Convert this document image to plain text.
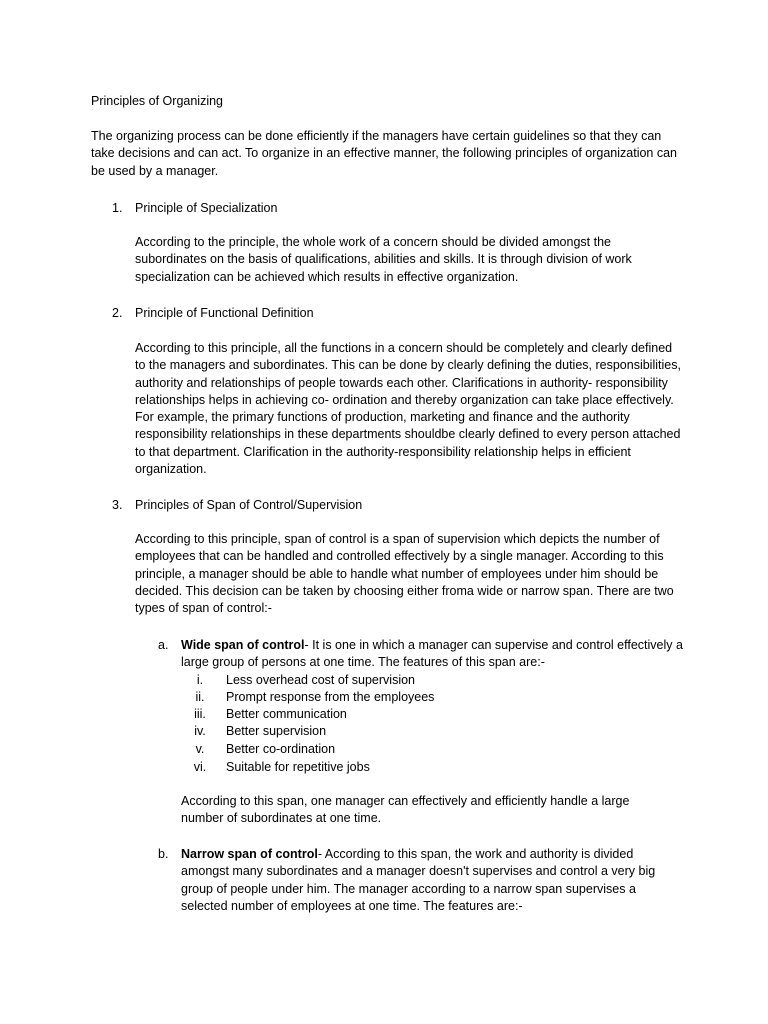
Principles of Organizing

The organizing process can be done efficiently if the managers have certain guidelines so that they can take decisions and can act. To organize in an effective manner, the following principles of organization can be used by a manager.

1.	Principle of Specialization

According to the principle, the whole work of a concern should be divided amongst the subordinates on the basis of qualifications, abilities and skills. It is through division of work specialization can be achieved which results in effective organization.

2.	Principle of Functional Definition

According to this principle, all the functions in a concern should be completely and clearly defined to the managers and subordinates. This can be done by clearly defining the duties, responsibilities, authority and relationships of people towards each other. Clarifications in authority- responsibility relationships helps in achieving co- ordination and thereby organization can take place effectively. For example, the primary functions of production, marketing and finance and the authority responsibility relationships in these departments shouldbe clearly defined to every person attached to that department. Clarification in the authority-responsibility relationship helps in efficient organization.

3.	Principles of Span of Control/Supervision

According to this principle, span of control is a span of supervision which depicts the number of employees that can be handled and controlled effectively by a single manager. According to this principle, a manager should be able to handle what number of employees under him should be decided. This decision can be taken by choosing either froma wide or narrow span. There are two types of span of control:-

a.	Wide span of control- It is one in which a manager can supervise and control effectively a large group of persons at one time. The features of this span are:-

i.	Less overhead cost of supervision
ii.	Prompt response from the employees
iii.	Better communication
iv.	Better supervision
v.	Better co-ordination
vi.	Suitable for repetitive jobs

According to this span, one manager can effectively and efficiently handle a large number of subordinates at one time.

b.	Narrow span of control- According to this span, the work and authority is divided amongst many subordinates and a manager doesn't supervises and control a very big group of people under him. The manager according to a narrow span supervises a selected number of employees at one time. The features are:-
